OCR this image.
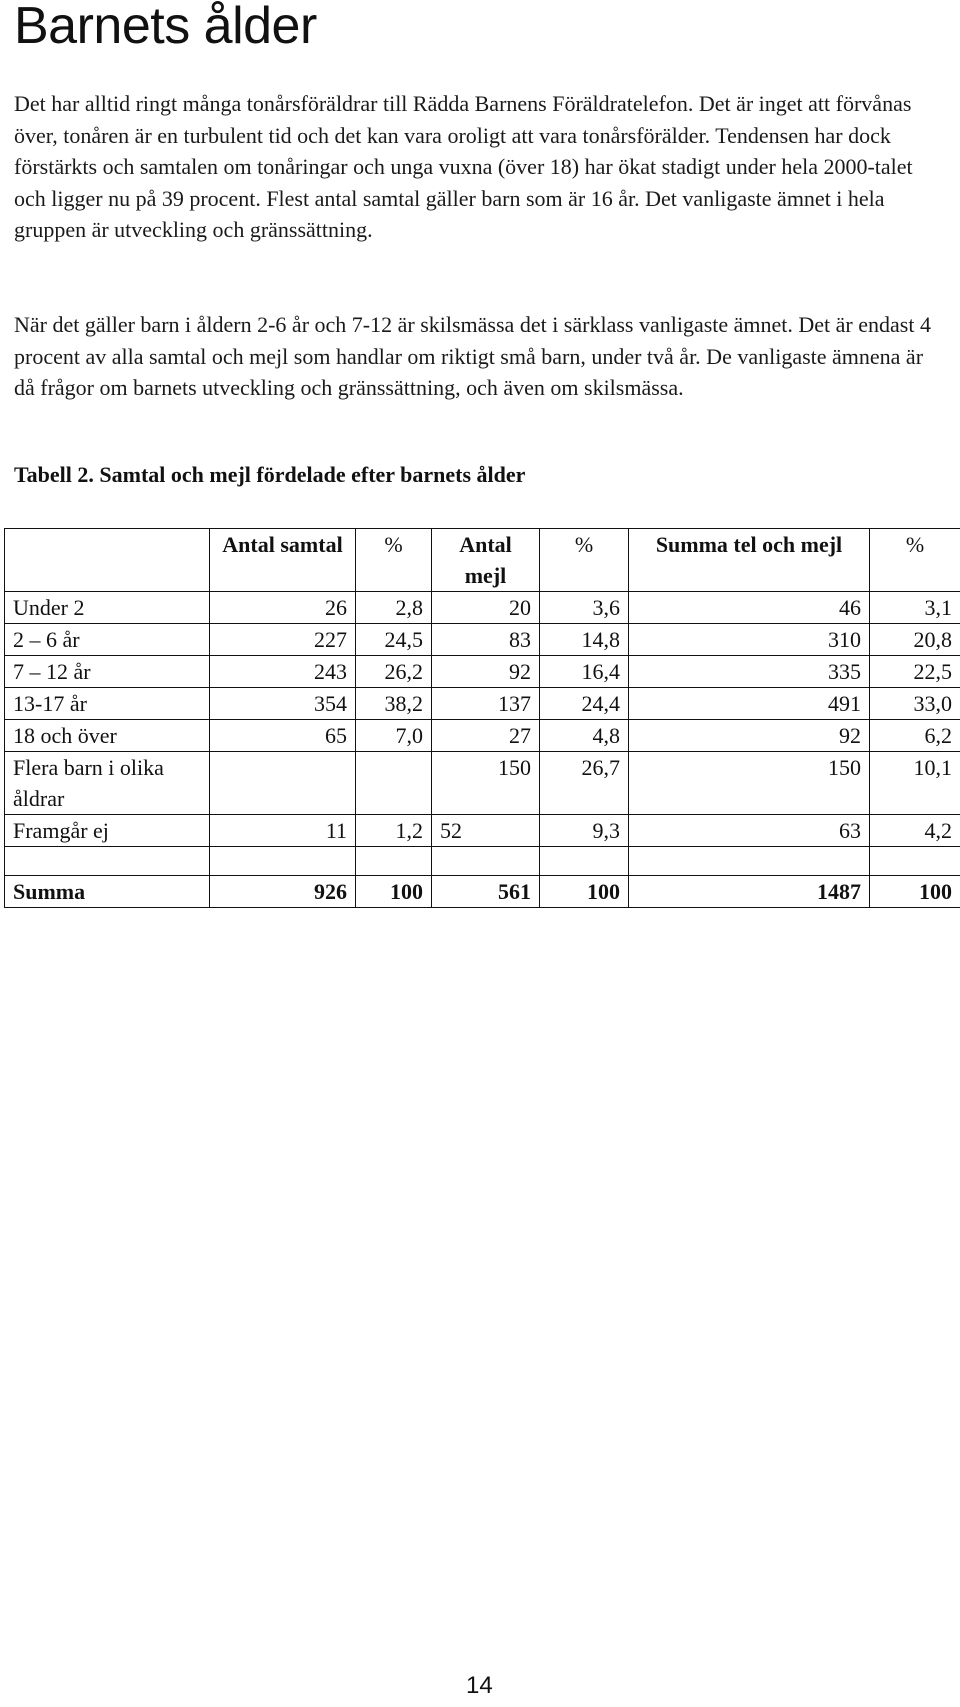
Barnets ålder

Det har alltid ringt många tonårsföräldrar till Rädda Barnens Föräldratelefon. Det är inget att förvånas över, tonåren är en turbulent tid och det kan vara oroligt att vara tonårsförälder. Tendensen har dock förstärkts och samtalen om tonåringar och unga vuxna (över 18) har ökat stadigt under hela 2000-talet och ligger nu på 39 procent. Flest antal samtal gäller barn som är 16 år. Det vanligaste ämnet i hela gruppen är utveckling och gränssättning.

När det gäller barn i åldern 2-6 år och 7-12 är skilsmässa det i särklass vanligaste ämnet. Det är endast 4 procent av alla samtal och mejl som handlar om riktigt små barn, under två år. De vanligaste ämnena är då frågor om barnets utveckling och gränssättning, och även om skilsmässa.

Tabell 2. Samtal och mejl fördelade efter barnets ålder

	Antal samtal	%	Antal mejl	%	Summa tel och mejl	%
Under 2	26	2,8	20	3,6	46	3,1
2 – 6 år	227	24,5	83	14,8	310	20,8
7 – 12 år	243	26,2	92	16,4	335	22,5
13-17 år	354	38,2	137	24,4	491	33,0
18 och över	65	7,0	27	4,8	92	6,2
Flera barn i olika åldrar			150	26,7	150	10,1
Framgår ej	11	1,2	52	9,3	63	4,2

Summa	926	100	561	100	1487	100

14
